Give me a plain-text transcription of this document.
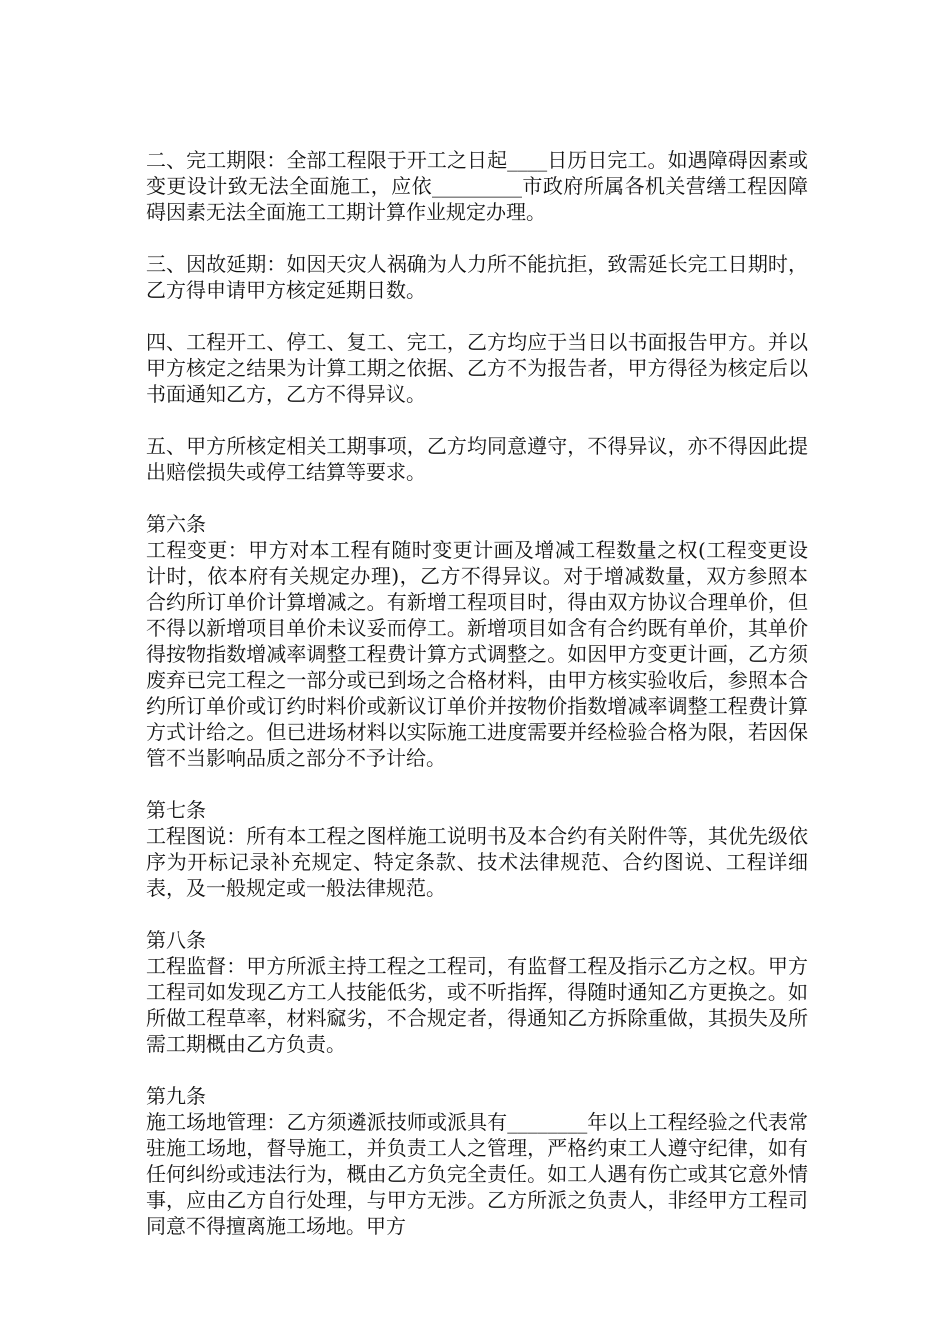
二、完工期限：全部工程限于开工之日起____日历日完工。如遇障碍因素或变更设计致无法全面施工，应依_________市政府所属各机关营缮工程因障碍因素无法全面施工工期计算作业规定办理。

三、因故延期：如因天灾人祸确为人力所不能抗拒，致需延长完工日期时，乙方得申请甲方核定延期日数。

四、工程开工、停工、复工、完工，乙方均应于当日以书面报告甲方。并以甲方核定之结果为计算工期之依据、乙方不为报告者，甲方得径为核定后以书面通知乙方，乙方不得异议。

五、甲方所核定相关工期事项，乙方均同意遵守，不得异议，亦不得因此提出赔偿损失或停工结算等要求。

第六条

工程变更：甲方对本工程有随时变更计画及增减工程数量之权(工程变更设计时，依本府有关规定办理)，乙方不得异议。对于增减数量，双方参照本合约所订单价计算增减之。有新增工程项目时，得由双方协议合理单价，但不得以新增项目单价未议妥而停工。新增项目如含有合约既有单价，其单价得按物指数增减率调整工程费计算方式调整之。如因甲方变更计画，乙方须废弃已完工程之一部分或已到场之合格材料，由甲方核实验收后，参照本合约所订单价或订约时料价或新议订单价并按物价指数增减率调整工程费计算方式计给之。但已进场材料以实际施工进度需要并经检验合格为限，若因保管不当影响品质之部分不予计给。

第七条

工程图说：所有本工程之图样施工说明书及本合约有关附件等，其优先级依序为开标记录补充规定、特定条款、技术法律规范、合约图说、工程详细表，及一般规定或一般法律规范。

第八条

工程监督：甲方所派主持工程之工程司，有监督工程及指示乙方之权。甲方工程司如发现乙方工人技能低劣，或不听指挥，得随时通知乙方更换之。如所做工程草率，材料窳劣，不合规定者，得通知乙方拆除重做，其损失及所需工期概由乙方负责。

第九条

施工场地管理：乙方须遴派技师或派具有________年以上工程经验之代表常驻施工场地，督导施工，并负责工人之管理，严格约束工人遵守纪律，如有任何纠纷或违法行为，概由乙方负完全责任。如工人遇有伤亡或其它意外情事，应由乙方自行处理，与甲方无涉。乙方所派之负责人，非经甲方工程司同意不得擅离施工场地。甲方
